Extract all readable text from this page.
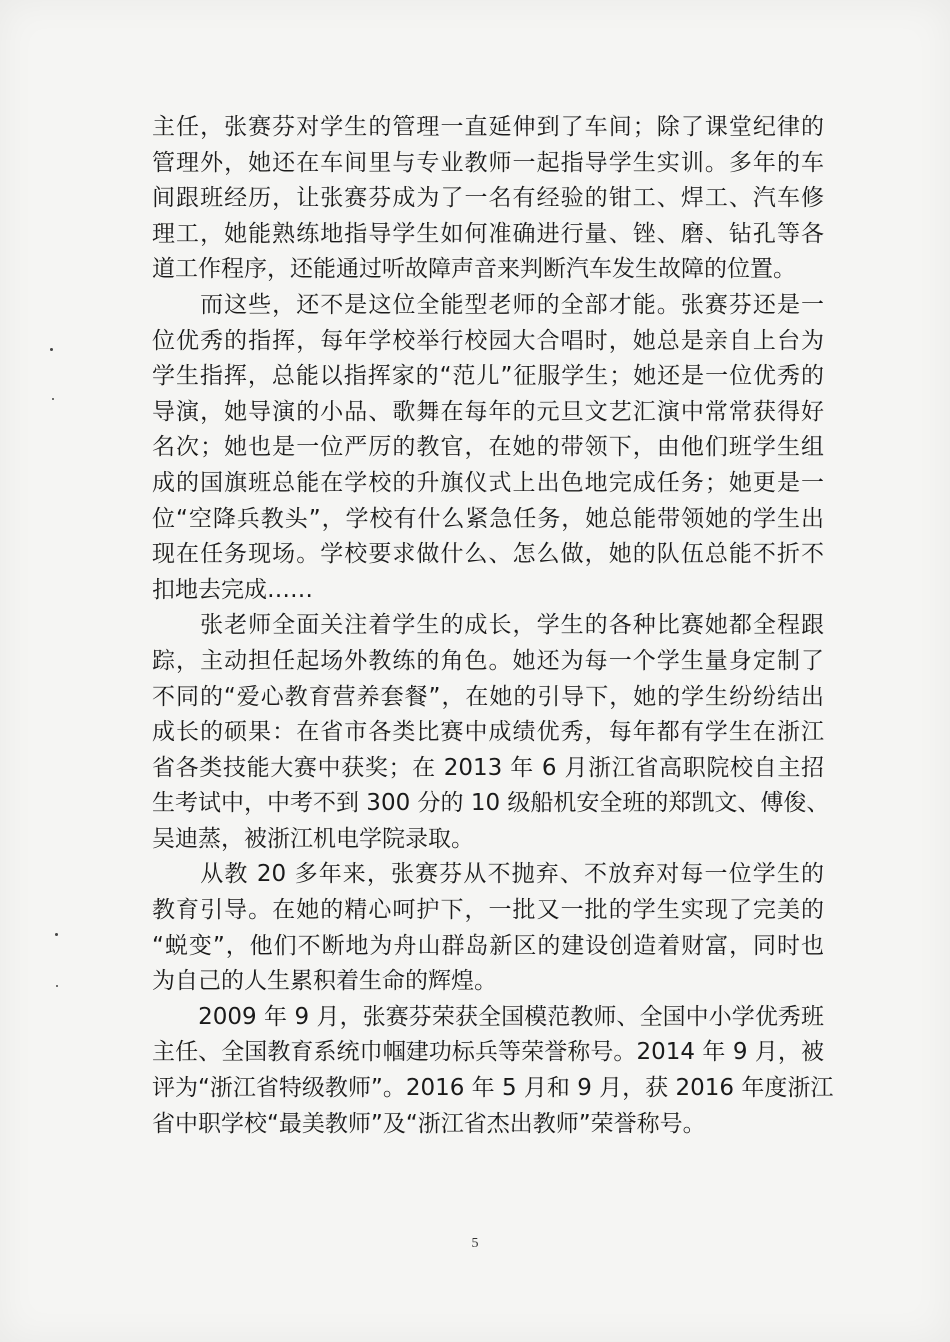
主任，张赛芬对学生的管理一直延伸到了车间；除了课堂纪律的
管理外，她还在车间里与专业教师一起指导学生实训。多年的车
间跟班经历，让张赛芬成为了一名有经验的钳工、焊工、汽车修
理工，她能熟练地指导学生如何准确进行量、锉、磨、钻孔等各
道工作程序，还能通过听故障声音来判断汽车发生故障的位置。
　　而这些，还不是这位全能型老师的全部才能。张赛芬还是一
位优秀的指挥，每年学校举行校园大合唱时，她总是亲自上台为
学生指挥，总能以指挥家的“范儿”征服学生；她还是一位优秀的
导演，她导演的小品、歌舞在每年的元旦文艺汇演中常常获得好
名次；她也是一位严厉的教官，在她的带领下，由他们班学生组
成的国旗班总能在学校的升旗仪式上出色地完成任务；她更是一
位“空降兵教头”，学校有什么紧急任务，她总能带领她的学生出
现在任务现场。学校要求做什么、怎么做，她的队伍总能不折不
扣地去完成……
　　张老师全面关注着学生的成长，学生的各种比赛她都全程跟
踪，主动担任起场外教练的角色。她还为每一个学生量身定制了
不同的“爱心教育营养套餐”，在她的引导下，她的学生纷纷结出
成长的硕果：在省市各类比赛中成绩优秀，每年都有学生在浙江
省各类技能大赛中获奖；在 2013 年 6 月浙江省高职院校自主招
生考试中，中考不到 300 分的 10 级船机安全班的郑凯文、傅俊、
吴迪蒸，被浙江机电学院录取。
　　从教 20 多年来，张赛芬从不抛弃、不放弃对每一位学生的
教育引导。在她的精心呵护下，一批又一批的学生实现了完美的
“蜕变”，他们不断地为舟山群岛新区的建设创造着财富，同时也
为自己的人生累积着生命的辉煌。
　　2009 年 9 月，张赛芬荣获全国模范教师、全国中小学优秀班
主任、全国教育系统巾帼建功标兵等荣誉称号。2014 年 9 月，被
评为“浙江省特级教师”。2016 年 5 月和 9 月，获 2016 年度浙江
省中职学校“最美教师”及“浙江省杰出教师”荣誉称号。
5
